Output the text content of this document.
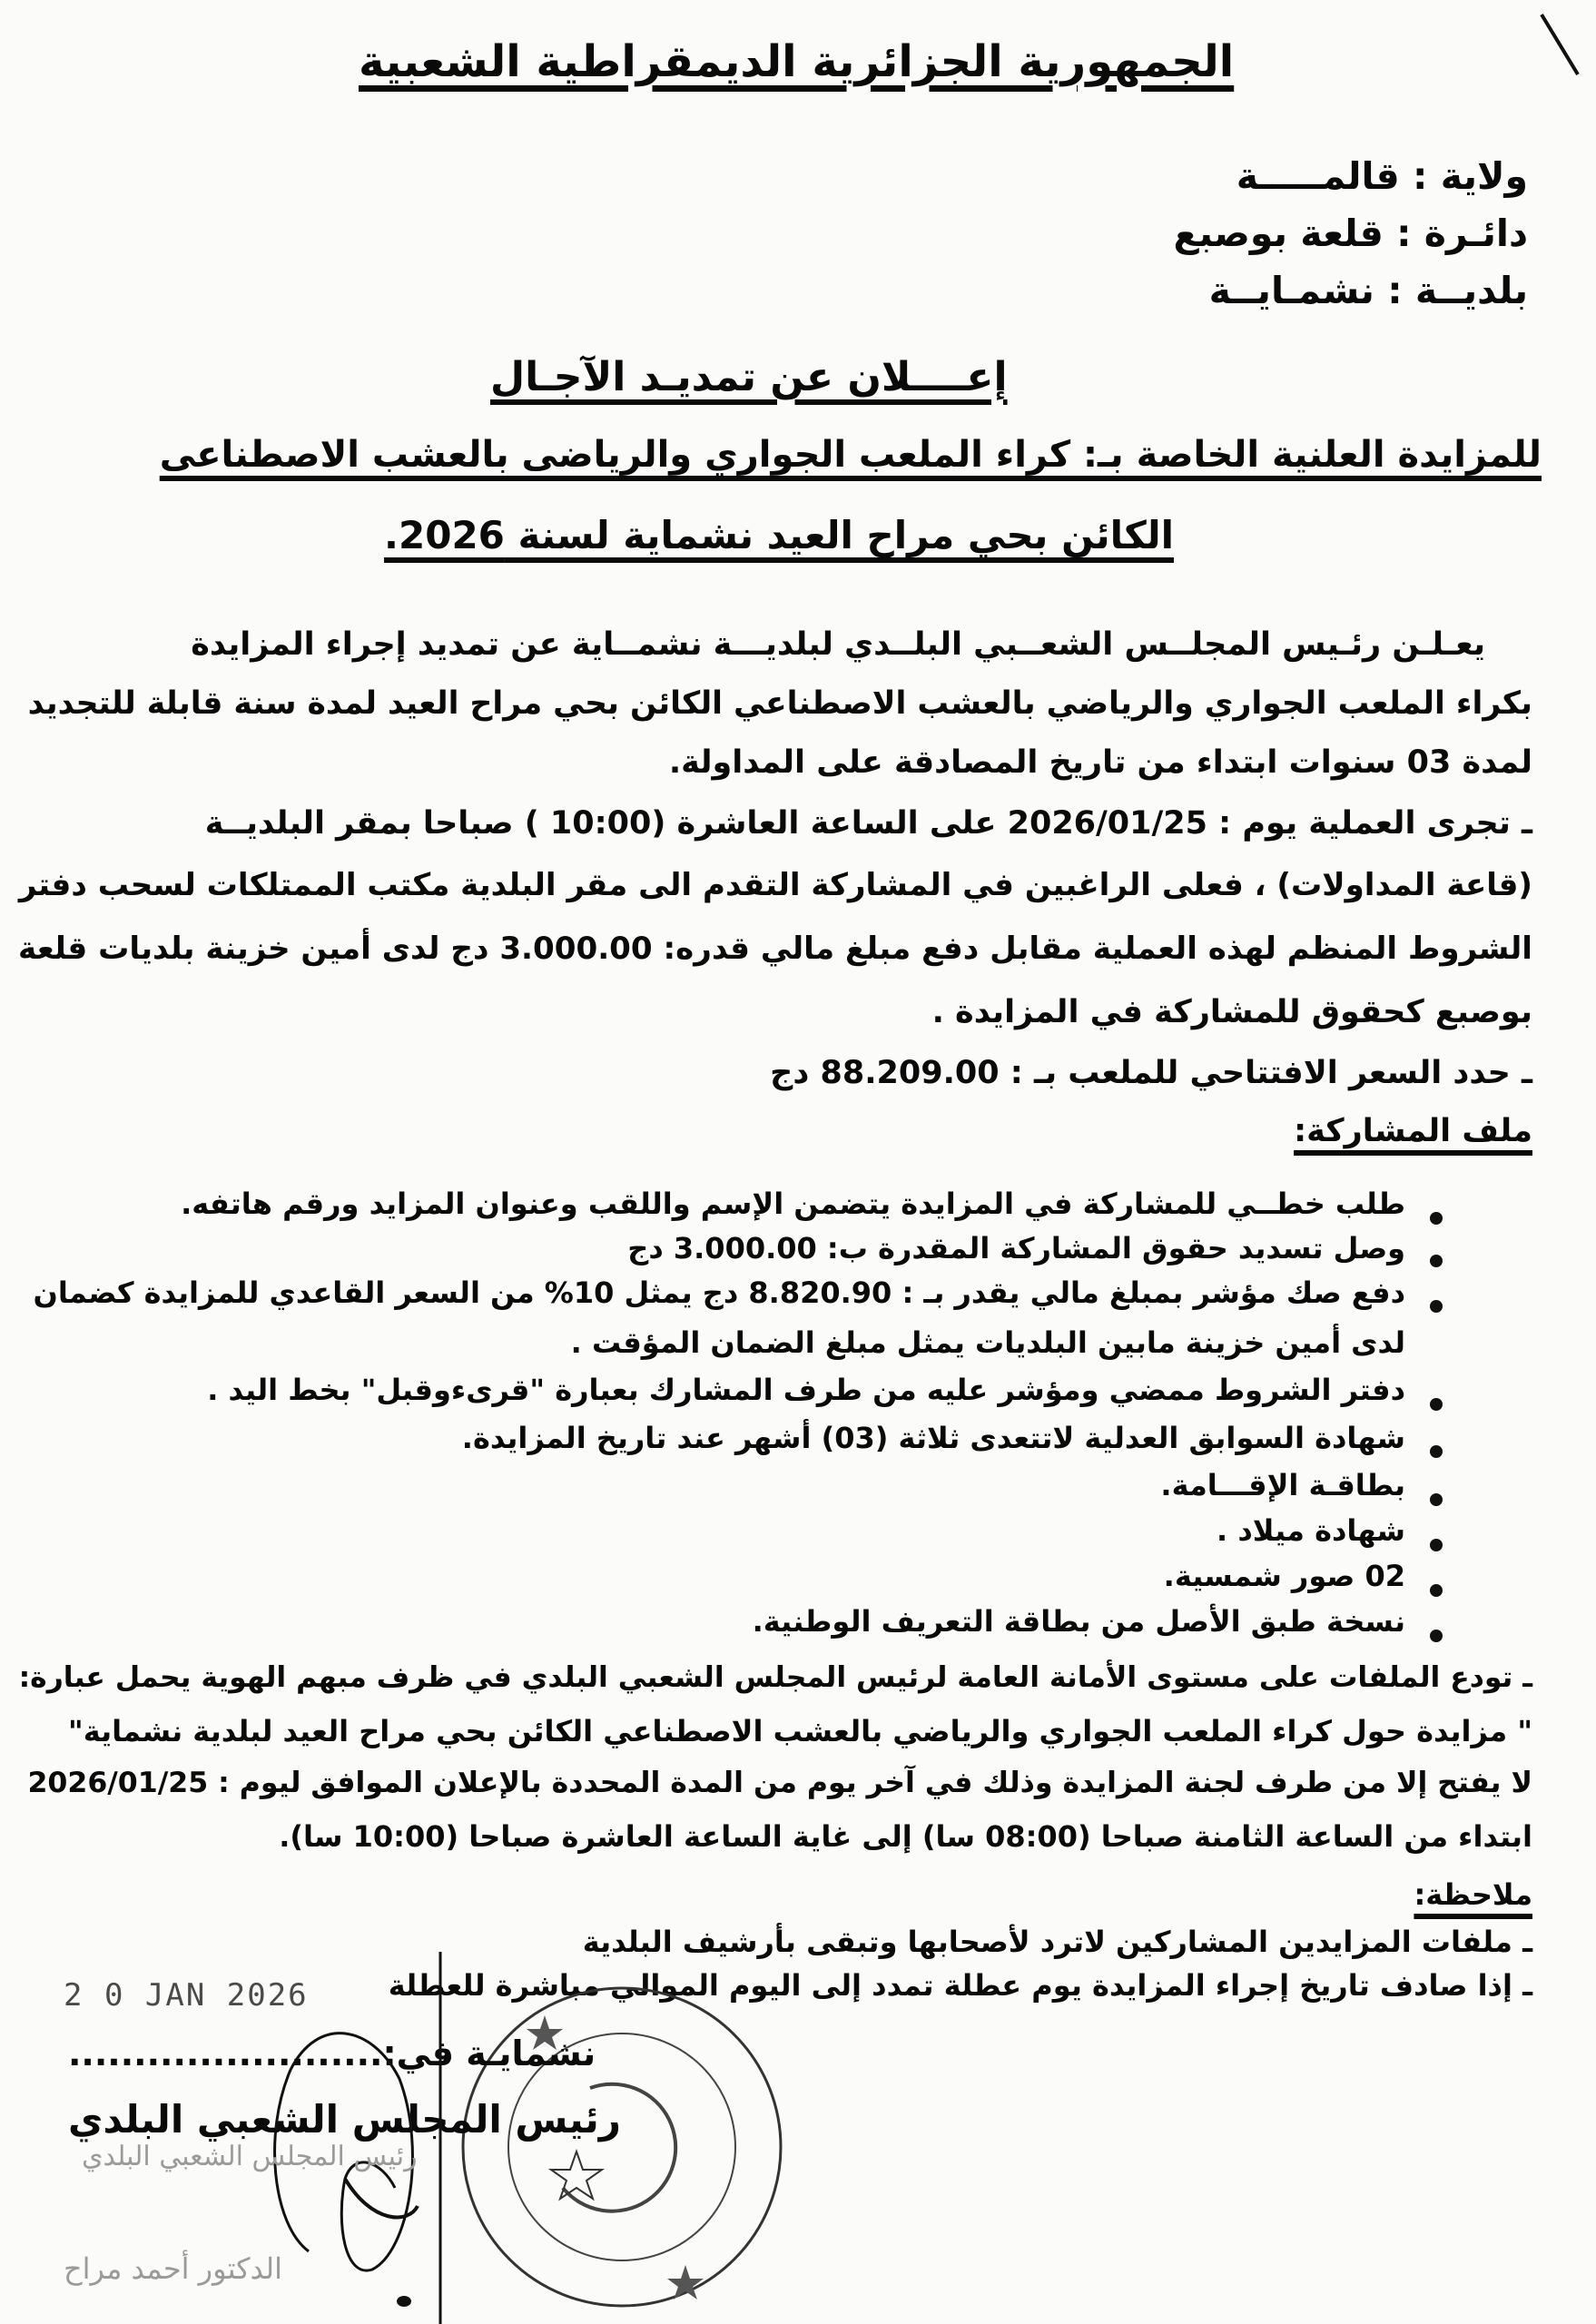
الجمهورية الجزائرية الديمقراطية الشعبية
ولاية : قالمـــــة
دائـرة : قلعة بوصبع
بلديــة : نشمـايــة
إعــــلان عن تمديـد الآجـال
للمزايدة العلنية الخاصة بـ: كراء الملعب الجواري والرياضى بالعشب الاصطناعى
الكائن بحي مراح العيد نشماية لسنة 2026.
يعـلـن رئـيس المجلــس الشعــبي البلــدي لبلديـــة نشمــاية عن تمديد إجراء المزايدة
بكراء الملعب الجواري والرياضي بالعشب الاصطناعي الكائن بحي مراح العيد لمدة سنة قابلة للتجديد
لمدة 03 سنوات ابتداء من تاريخ المصادقة على المداولة.
ـ تجرى العملية يوم : 2026/01/25 على الساعة العاشرة (10:00 ) صباحا بمقر البلديــة
(قاعة المداولات) ، فعلى الراغبين في المشاركة التقدم الى مقر البلدية مكتب الممتلكات لسحب دفتر
الشروط المنظم لهذه العملية مقابل دفع مبلغ مالي قدره: 3.000.00 دج لدى أمين خزينة بلديات قلعة
بوصبع كحقوق للمشاركة في المزايدة .
ـ حدد السعر الافتتاحي للملعب بـ : 88.209.00 دج
ملف المشاركة:
طلب خطــي للمشاركة في المزايدة يتضمن الإسم واللقب وعنوان المزايد ورقم هاتفه.
وصل تسديد حقوق المشاركة المقدرة ب: 3.000.00 دج
دفع صك مؤشر بمبلغ مالي يقدر بـ : 8.820.90 دج يمثل 10% من السعر القاعدي للمزايدة كضمان
لدى أمين خزينة مابين البلديات يمثل مبلغ الضمان المؤقت .
دفتر الشروط ممضي ومؤشر عليه من طرف المشارك بعبارة "قرىءوقبل" بخط اليد .
شهادة السوابق العدلية لاتتعدى ثلاثة (03) أشهر عند تاريخ المزايدة.
بطاقـة الإقـــامة.
شهادة ميلاد .
02 صور شمسية.
نسخة طبق الأصل من بطاقة التعريف الوطنية.
ـ تودع الملفات على مستوى الأمانة العامة لرئيس المجلس الشعبي البلدي في ظرف مبهم الهوية يحمل عبارة:
" مزايدة حول كراء الملعب الجواري والرياضي بالعشب الاصطناعي الكائن بحي مراح العيد لبلدية نشماية"
لا يفتح إلا من طرف لجنة المزايدة وذلك في آخر يوم من المدة المحددة بالإعلان الموافق ليوم : 2026/01/25
ابتداء من الساعة الثامنة صباحا (08:00 سا) إلى غاية الساعة العاشرة صباحا (10:00 سا).
ملاحظة:
ـ ملفات المزايدين المشاركين لاترد لأصحابها وتبقى بأرشيف البلدية
ـ إذا صادف تاريخ إجراء المزايدة يوم عطلة تمدد إلى اليوم الموالي مباشرة للعطلة
2 0 JAN 2026
نشمايـة في:........................
رئيس المجلس الشعبي البلدي
رئيس المجلس الشعبي البلدي
الدكتور أحمد مراح
